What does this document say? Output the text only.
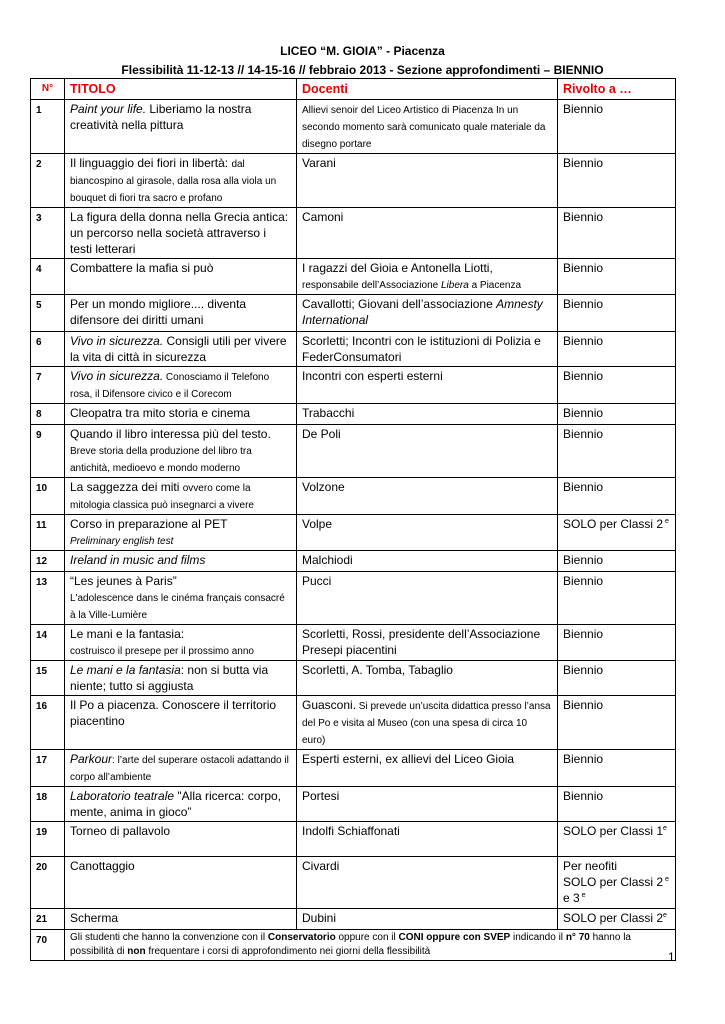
LICEO “M. GIOIA” - Piacenza
Flessibilità 11-12-13 // 14-15-16 // febbraio 2013 - Sezione approfondimenti – BIENNIO
N°	TITOLO	Docenti	Rivolto a …
1	Paint your life. Liberiamo la nostra creatività nella pittura	Allievi senoir del Liceo Artistico di Piacenza In un secondo momento sarà comunicato quale materiale da disegno portare	Biennio
2	Il linguaggio dei fiori in libertà: dal biancospino al girasole, dalla rosa alla viola un bouquet di fiori tra sacro e profano	Varani	Biennio
3	La figura della donna nella Grecia antica: un percorso nella società attraverso i testi letterari	Camoni	Biennio
4	Combattere la mafia si può	I ragazzi del Gioia e Antonella Liotti,
responsabile dell’Associazione Libera a Piacenza	Biennio
5	Per un mondo migliore.... diventa difensore dei diritti umani	Cavallotti; Giovani dell’associazione Amnesty International	Biennio
6	Vivo in sicurezza. Consigli utili per vivere la vita di città in sicurezza	Scorletti; Incontri con le istituzioni di Polizia e FederConsumatori	Biennio
7	Vivo in sicurezza. Conosciamo il Telefono rosa, il Difensore civico e il Corecom	Incontri con esperti esterni	Biennio
8	Cleopatra tra mito storia e cinema	Trabacchi	Biennio
9	Quando il libro interessa più del testo.
Breve storia della produzione del libro tra antichità, medioevo e mondo moderno	De Poli	Biennio
10	La saggezza dei miti ovvero come la mitologia classica può insegnarci a vivere	Volzone	Biennio
11	Corso in preparazione al PET
Preliminary english test	Volpe	SOLO per Classi 2 $^e$
12	Ireland in music and films	Malchiodi	Biennio
13	“Les jeunes à Paris”
L'adolescence dans le cinéma français consacré à la Ville-Lumière	Pucci	Biennio
14	Le mani e la fantasia:
costruisco il presepe per il prossimo anno	Scorletti, Rossi, presidente dell’Associazione Presepi piacentini	Biennio
15	Le mani e la fantasia: non si butta via niente; tutto si aggiusta	Scorletti, A. Tomba, Tabaglio	Biennio
16	Il Po a piacenza. Conoscere il territorio piacentino	Guasconi. Si prevede un’uscita didattica presso l’ansa del Po e visita al Museo (con una spesa di circa 10 euro)	Biennio
17	Parkour: l’arte del superare ostacoli adattando il corpo all’ambiente	Esperti esterni, ex allievi del Liceo Gioia	Biennio
18	Laboratorio teatrale "Alla ricerca: corpo, mente, anima in gioco”	Portesi	Biennio
19	Torneo di pallavolo	Indolfi Schiaffonati	SOLO per Classi 1e
20	Canottaggio	Civardi	Per neofiti
SOLO per Classi 2 $^e$
e 3 $^e$
21	Scherma	Dubini	SOLO per Classi 2e
70	Gli studenti che hanno la convenzione con il Conservatorio oppure con il CONI oppure con SVEP indicando il n° 70 hanno la possibilità di non frequentare i corsi di approfondimento nei giorni della flessibilità			1
